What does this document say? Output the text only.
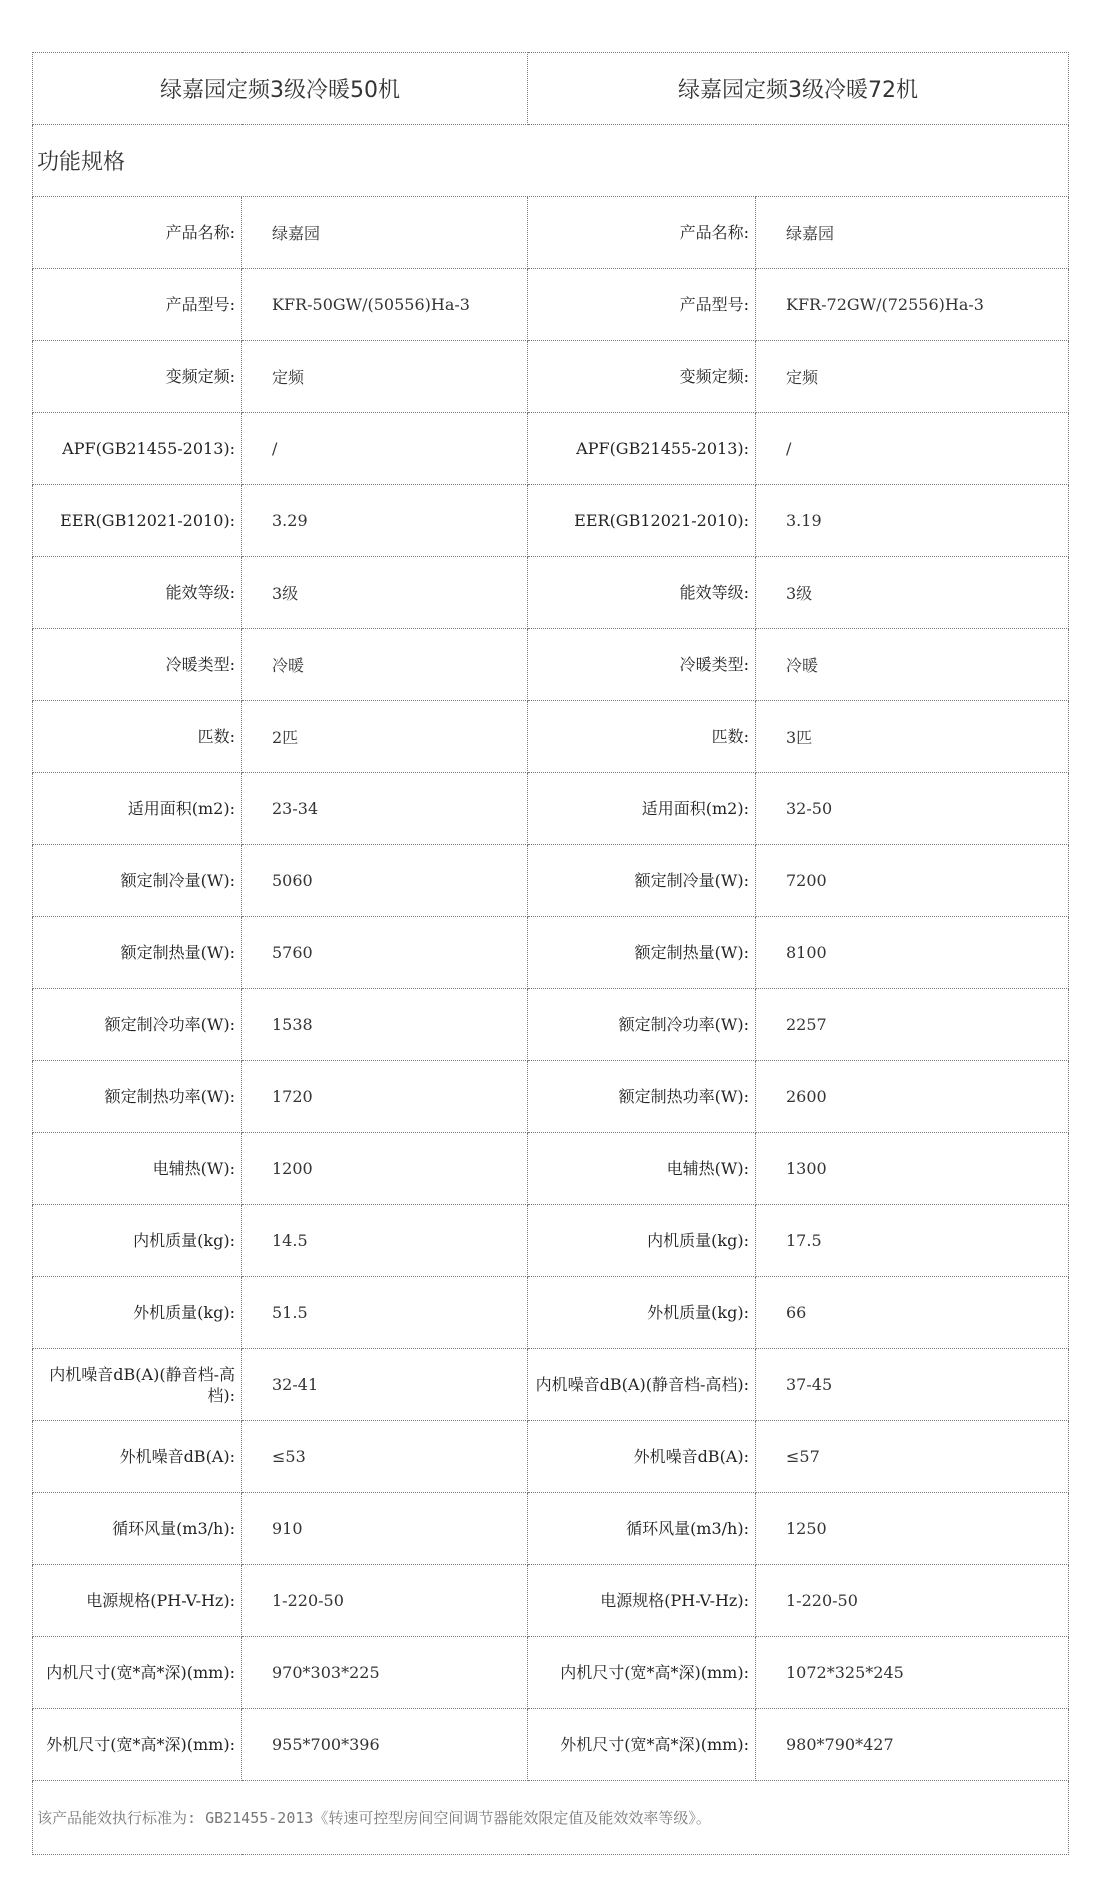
绿嘉园定频3级冷暖50机		绿嘉园定频3级冷暖72机	
功能规格			
产品名称:	绿嘉园	产品名称:	绿嘉园
产品型号:	KFR-50GW/(50556)Ha-3	产品型号:	KFR-72GW/(72556)Ha-3
变频定频:	定频	变频定频:	定频
APF(GB21455-2013):	/	APF(GB21455-2013):	/
EER(GB12021-2010):	3.29	EER(GB12021-2010):	3.19
能效等级:	3级	能效等级:	3级
冷暖类型:	冷暖	冷暖类型:	冷暖
匹数:	2匹	匹数:	3匹
适用面积(m2):	23-34	适用面积(m2):	32-50
额定制冷量(W):	5060	额定制冷量(W):	7200
额定制热量(W):	5760	额定制热量(W):	8100
额定制冷功率(W):	1538	额定制冷功率(W):	2257
额定制热功率(W):	1720	额定制热功率(W):	2600
电辅热(W):	1200	电辅热(W):	1300
内机质量(kg):	14.5	内机质量(kg):	17.5
外机质量(kg):	51.5	外机质量(kg):	66
内机噪音dB(A)(静音档-高档):	32-41	内机噪音dB(A)(静音档-高档):	37-45
外机噪音dB(A):	≤53	外机噪音dB(A):	≤57
循环风量(m3/h):	910	循环风量(m3/h):	1250
电源规格(PH-V-Hz):	1-220-50	电源规格(PH-V-Hz):	1-220-50
内机尺寸(宽*高*深)(mm):	970*303*225	内机尺寸(宽*高*深)(mm):	1072*325*245
外机尺寸(宽*高*深)(mm):	955*700*396	外机尺寸(宽*高*深)(mm):	980*790*427
该产品能效执行标准为: GB21455-2013《转速可控型房间空间调节器能效限定值及能效效率等级》。			
